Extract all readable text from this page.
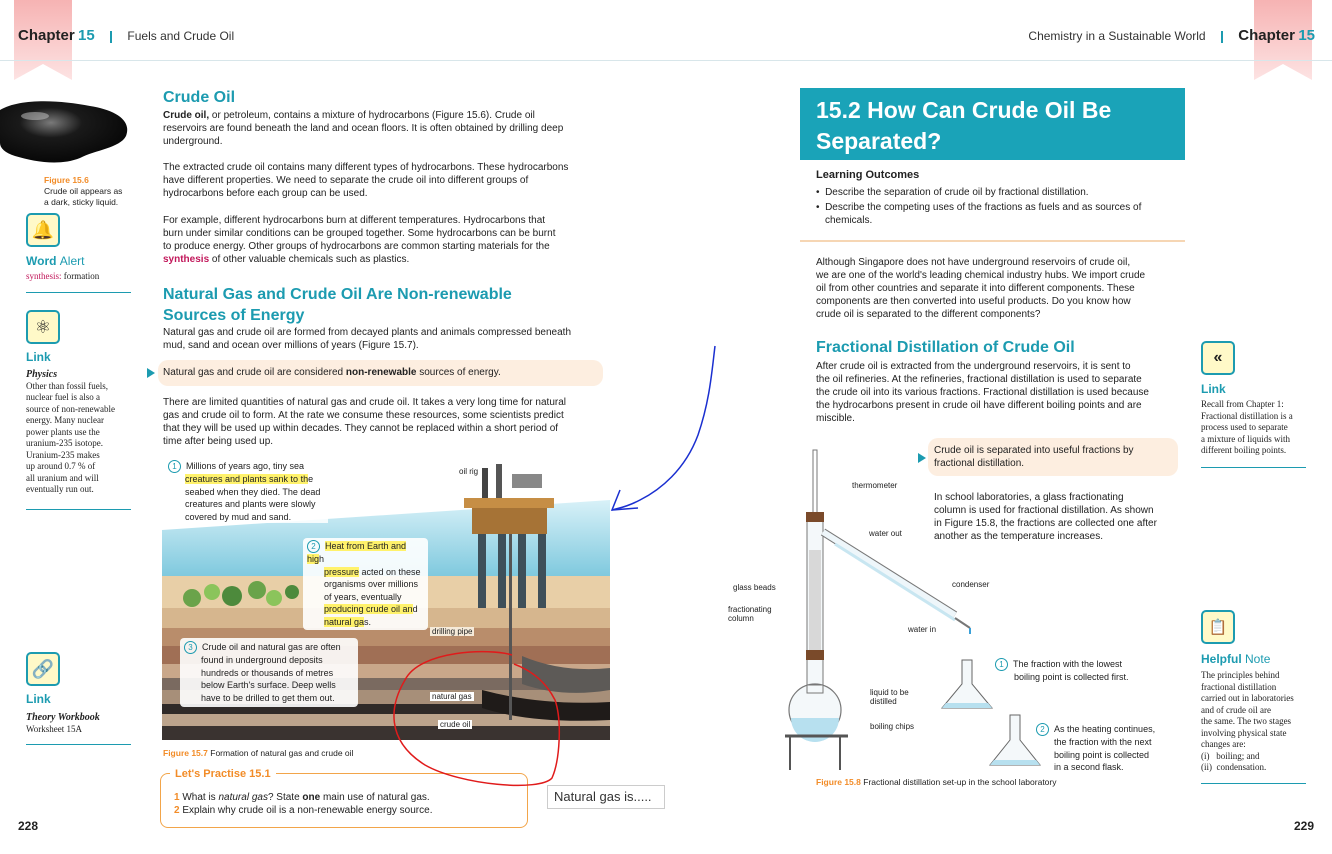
Chapter 15	Fuels and Crude Oil	Chemistry in a Sustainable World Chapter 15
Figure 15.6
Crude oil appears as
a dark, sticky liquid.
🔔
Word Alert
synthesis: formation
⚛
Link
Physics
Other than fossil fuels,
nuclear fuel is also a
source of non-renewable
energy. Many nuclear
power plants use the
uranium-235 isotope.
Uranium-235 makes
up around 0.7 % of
all uranium and will
eventually run out.
🔗
Link
Theory Workbook
Worksheet 15A
Crude Oil
Crude oil, or petroleum, contains a mixture of hydrocarbons (Figure 15.6). Crude oil
reservoirs are found beneath the land and ocean floors. It is often obtained by drilling deep
underground.
The extracted crude oil contains many different types of hydrocarbons. These hydrocarbons
have different properties. We need to separate the crude oil into different groups of
hydrocarbons before each group can be used.
For example, different hydrocarbons burn at different temperatures. Hydrocarbons that
burn under similar conditions can be grouped together. Some hydrocarbons can be burnt
to produce energy. Other groups of hydrocarbons are common starting materials for the
synthesis of other valuable chemicals such as plastics.
Natural Gas and Crude Oil Are Non-renewable
Sources of Energy
Natural gas and crude oil are formed from decayed plants and animals compressed beneath
mud, sand and ocean over millions of years (Figure 15.7).
Natural gas and crude oil are considered non-renewable sources of energy.
There are limited quantities of natural gas and crude oil. It takes a very long time for natural
gas and crude oil to form. At the rate we consume these resources, some scientists predict
that they will be used up within decades. They cannot be replaced within a short period of
time after being used up.
1 Millions of years ago, tiny sea
creatures and plants sank to the
seabed when they died. The dead
creatures and plants were slowly
covered by mud and sand.
2 Heat from Earth and high
pressure acted on these
organisms over millions
of years, eventually
producing crude oil and
natural gas.
3 Crude oil and natural gas are often
found in underground deposits
hundreds or thousands of metres
below Earth's surface. Deep wells
have to be drilled to get them out.
oil rig
drilling pipe
natural gas
crude oil
Figure 15.7 Formation of natural gas and crude oil
Let's Practise 15.1
1 What is natural gas? State one main use of natural gas.
2 Explain why crude oil is a non-renewable energy source.
Natural gas is.....
228	229
15.2 How Can Crude Oil Be
Separated?
Learning Outcomes
•  Describe the separation of crude oil by fractional distillation.
•  Describe the competing uses of the fractions as fuels and as sources of
chemicals.
Although Singapore does not have underground reservoirs of crude oil,
we are one of the world's leading chemical industry hubs. We import crude
oil from other countries and separate it into different components. These
components are then converted into useful products. Do you know how
crude oil is separated to the different components?
Fractional Distillation of Crude Oil
After crude oil is extracted from the underground reservoirs, it is sent to
the oil refineries. At the refineries, fractional distillation is used to separate
the crude oil into its various fractions. Fractional distillation is used because
the hydrocarbons present in crude oil have different boiling points and are
miscible.
Crude oil is separated into useful fractions by
fractional distillation.
In school laboratories, a glass fractionating
column is used for fractional distillation. As shown
in Figure 15.8, the fractions are collected one after
another as the temperature increases.
thermometer
water out
condenser
glass beads
fractionating
column
water in
liquid to be
distilled
boiling chips
1 The fraction with the lowest
boiling point is collected first.
2 As the heating continues,
the fraction with the next
boiling point is collected
in a second flask.
Figure 15.8 Fractional distillation set-up in the school laboratory
«
Link
Recall from Chapter 1:
Fractional distillation is a
process used to separate
a mixture of liquids with
different boiling points.
📋
Helpful Note
The principles behind
fractional distillation
carried out in laboratories
and of crude oil are
the same. The two stages
involving physical state
changes are:
(i) boiling; and
(ii) condensation.
